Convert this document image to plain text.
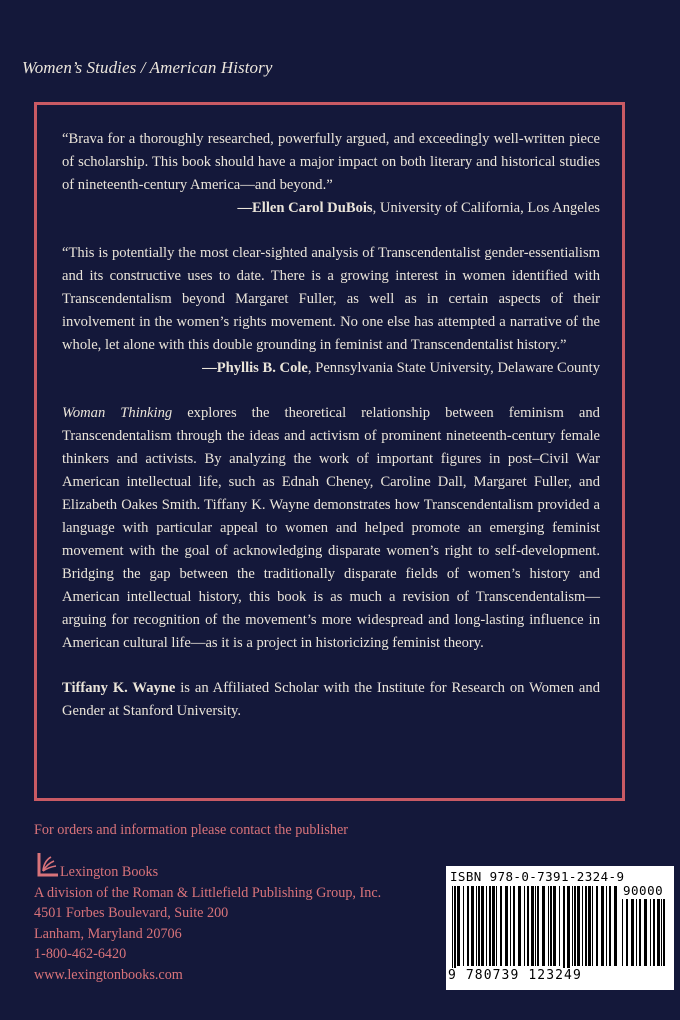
Women’s Studies / American History

“Brava for a thoroughly researched, powerfully argued, and exceedingly well-written piece of scholarship. This book should have a major impact on both literary and historical studies of nineteenth-century America—and beyond.”

—Ellen Carol DuBois, University of California, Los Angeles

“This is potentially the most clear-sighted analysis of Transcendentalist gender-essentialism and its constructive uses to date. There is a growing interest in women identified with Transcendentalism beyond Margaret Fuller, as well as in certain aspects of their involvement in the women’s rights movement. No one else has attempted a narrative of the whole, let alone with this double grounding in feminist and Transcendentalist history.”

—Phyllis B. Cole, Pennsylvania State University, Delaware County

Woman Thinking explores the theoretical relationship between feminism and Transcendentalism through the ideas and activism of prominent nineteenth-century female thinkers and activists. By analyzing the work of important figures in post–Civil War American intellectual life, such as Ednah Cheney, Caroline Dall, Margaret Fuller, and Elizabeth Oakes Smith. Tiffany K. Wayne demonstrates how Transcendentalism provided a language with particular appeal to women and helped promote an emerging feminist movement with the goal of acknowledging disparate women’s right to self-development. Bridging the gap between the traditionally disparate fields of women’s history and American intellectual history, this book is as much a revision of Transcendentalism—arguing for recognition of the movement’s more widespread and long-lasting influence in American cultural life—as it is a project in historicizing feminist theory.

Tiffany K. Wayne is an Affiliated Scholar with the Institute for Research on Women and Gender at Stanford University.

For orders and information please contact the publisher
Lexington Books
A division of the Roman & Littlefield Publishing Group, Inc.
4501 Forbes Boulevard, Suite 200
Lanham, Maryland 20706
1-800-462-6420
www.lexingtonbooks.com
ISBN 978-0-7391-2324-9
90000
9 780739 123249
